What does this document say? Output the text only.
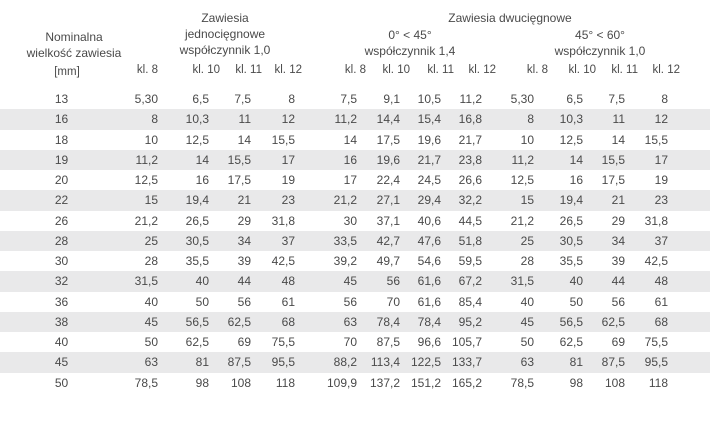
Nominalna
wielkość zawiesia
[mm]
Zawiesia
jednocięgnowe
współczynnik 1,0
Zawiesia dwucięgnowe
0° < 45°
współczynnik 1,4
45° < 60°
współczynnik 1,0
kl. 8	kl. 10	kl. 11	kl. 12	kl. 8	kl. 10	kl. 11	kl. 12	kl. 8	kl. 10	kl. 11	kl. 12
13	5,30	6,5	7,5	8	7,5	9,1	10,5	11,2	5,30	6,5	7,5	8	
16	8	10,3	11	12	11,2	14,4	15,4	16,8	8	10,3	11	12	
18	10	12,5	14	15,5	14	17,5	19,6	21,7	10	12,5	14	15,5	
19	11,2	14	15,5	17	16	19,6	21,7	23,8	11,2	14	15,5	17	
20	12,5	16	17,5	19	17	22,4	24,5	26,6	12,5	16	17,5	19	
22	15	19,4	21	23	21,2	27,1	29,4	32,2	15	19,4	21	23	
26	21,2	26,5	29	31,8	30	37,1	40,6	44,5	21,2	26,5	29	31,8	
28	25	30,5	34	37	33,5	42,7	47,6	51,8	25	30,5	34	37	
30	28	35,5	39	42,5	39,2	49,7	54,6	59,5	28	35,5	39	42,5	
32	31,5	40	44	48	45	56	61,6	67,2	31,5	40	44	48	
36	40	50	56	61	56	70	61,6	85,4	40	50	56	61	
38	45	56,5	62,5	68	63	78,4	78,4	95,2	45	56,5	62,5	68	
40	50	62,5	69	75,5	70	87,5	96,6	105,7	50	62,5	69	75,5	
45	63	81	87,5	95,5	88,2	113,4	122,5	133,7	63	81	87,5	95,5	
50	78,5	98	108	118	109,9	137,2	151,2	165,2	78,5	98	108	118	
